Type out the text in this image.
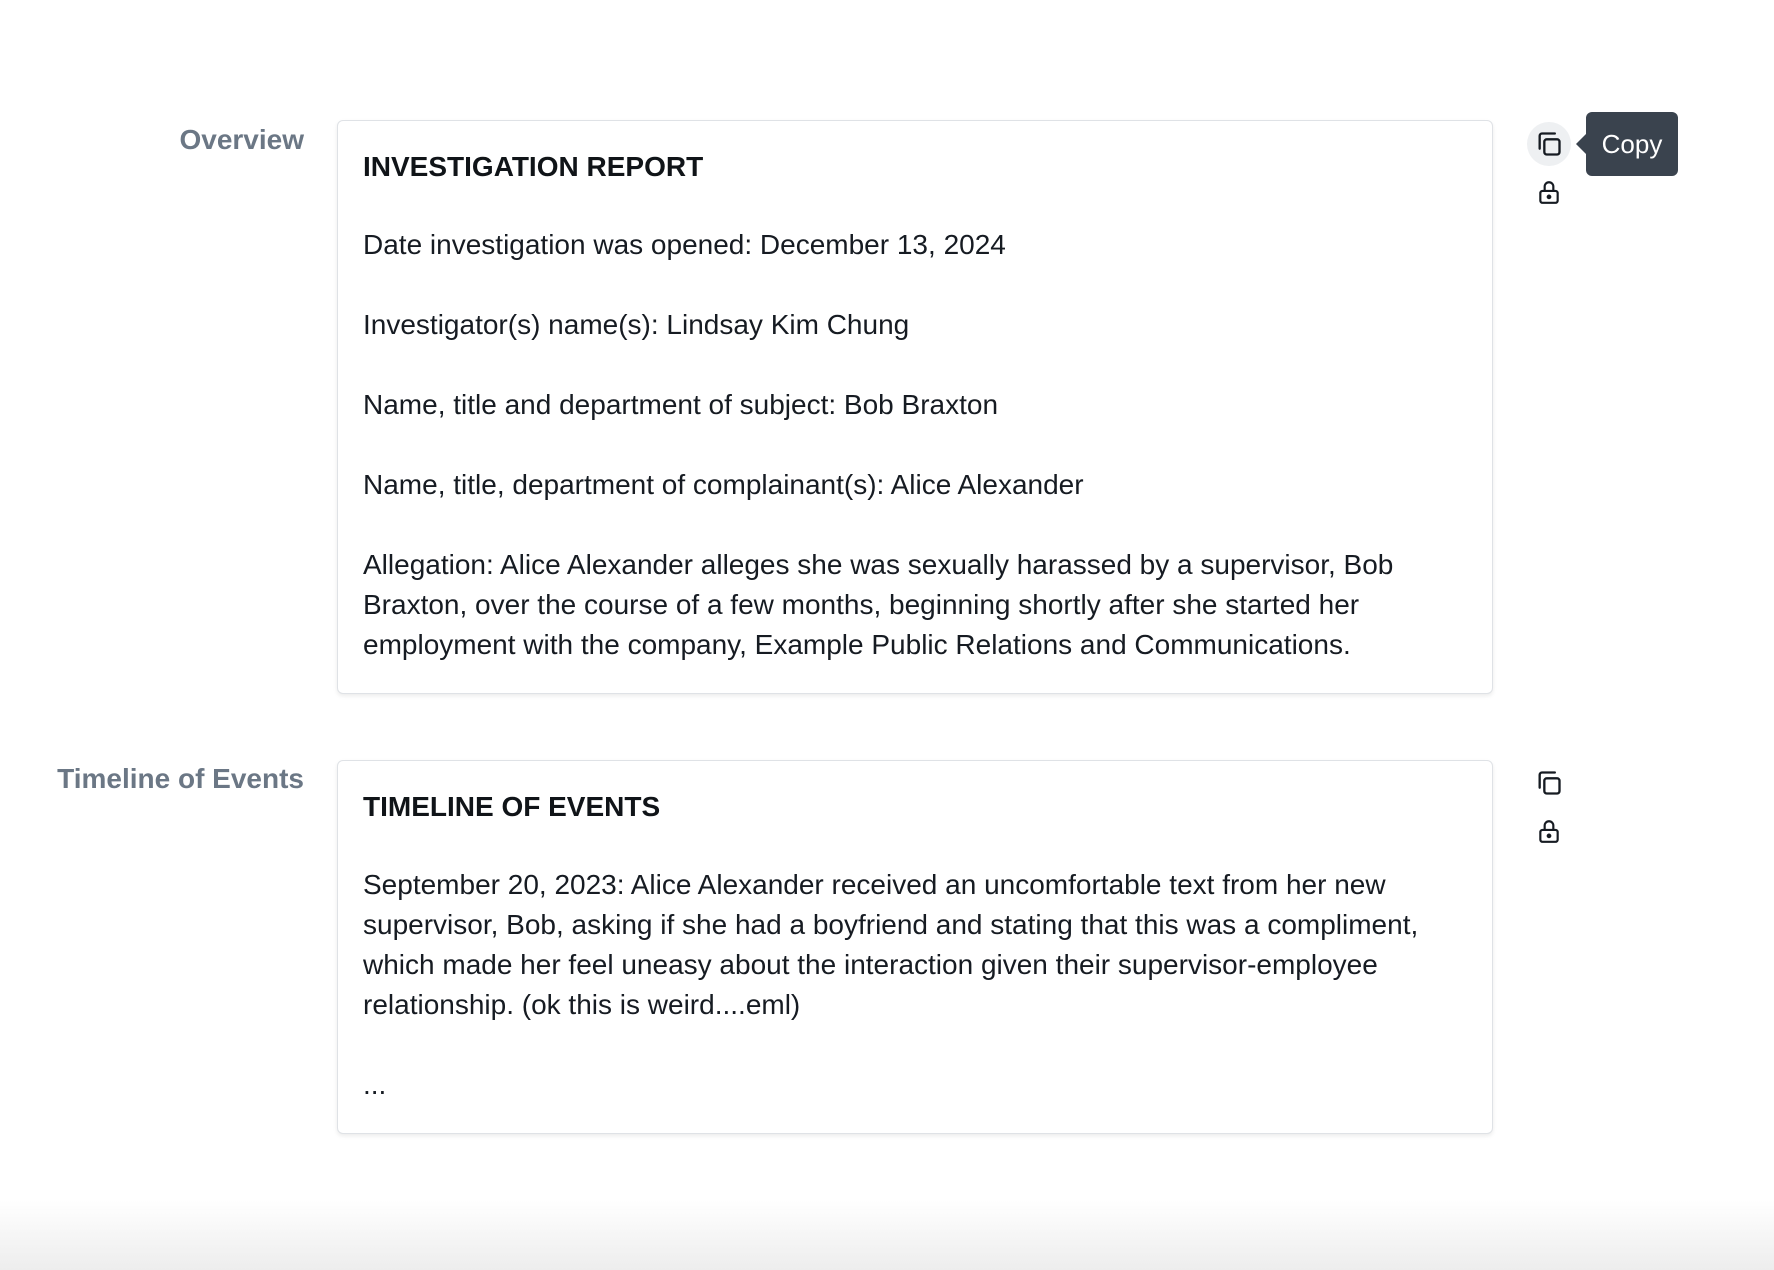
Overview
INVESTIGATION REPORT

Date investigation was opened: December 13, 2024

Investigator(s) name(s): Lindsay Kim Chung

Name, title and department of subject: Bob Braxton

Name, title, department of complainant(s): Alice Alexander

Allegation: Alice Alexander alleges she was sexually harassed by a supervisor, Bob Braxton, over the course of a few months, beginning shortly after she started her employment with the company, Example Public Relations and Communications.

Copy
Timeline of Events
TIMELINE OF EVENTS

September 20, 2023: Alice Alexander received an uncomfortable text from her new supervisor, Bob, asking if she had a boyfriend and stating that this was a compliment, which made her feel uneasy about the interaction given their supervisor-employee relationship. (ok this is weird....eml)

...
